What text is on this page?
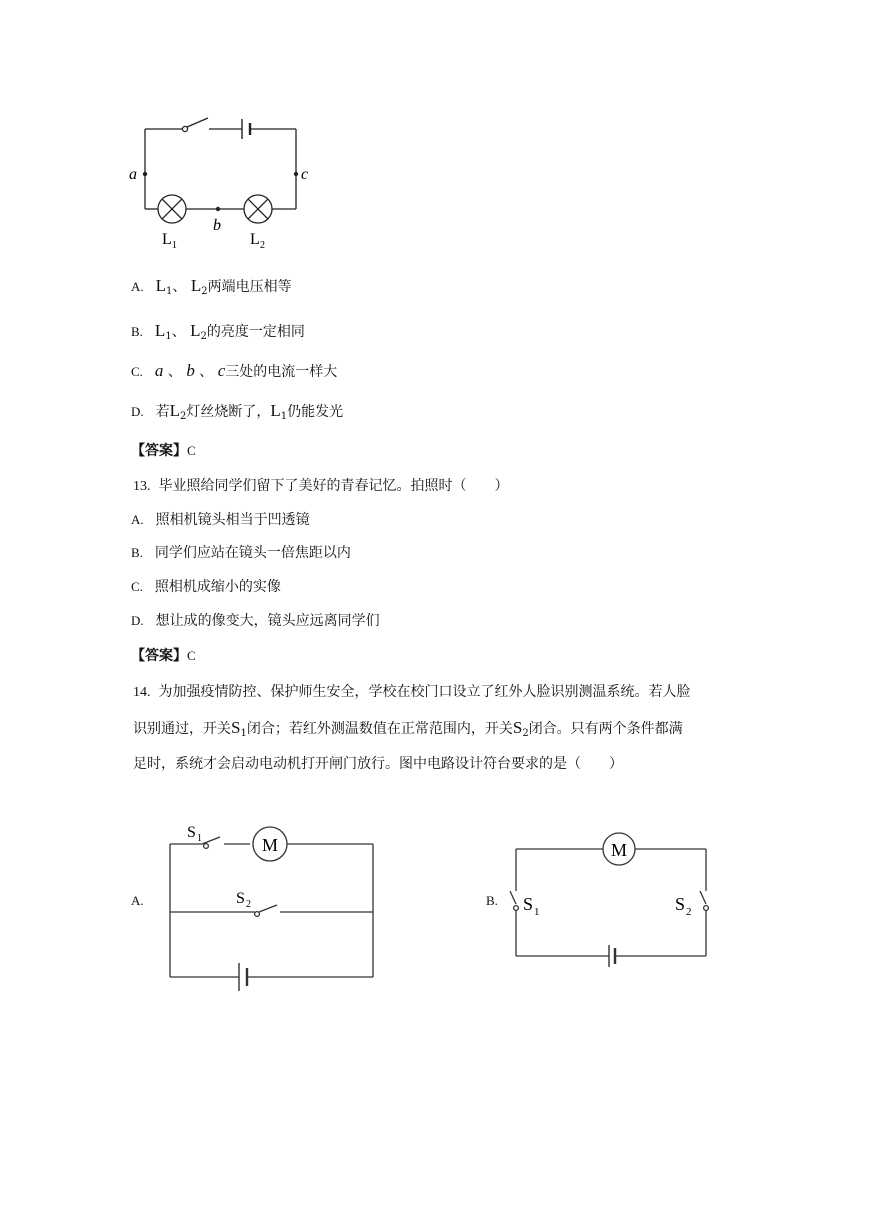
a	c
b
L 1	L 2
A. $L_1$、 $L_2$两端电压相等
B. $L_1$、 $L_2$的亮度一定相同
C. a 、 b 、 c三处的电流一样大
D. 若$L_2$灯丝烧断了，$L_1$仍能发光
【答案】C
13. 毕业照给同学们留下了美好的青春记忆。拍照时（　　）
A. 照相机镜头相当于凹透镜
B. 同学们应站在镜头一倍焦距以内
C. 照相机成缩小的实像
D. 想让成的像变大，镜头应远离同学们
【答案】C
14. 为加强疫情防控、保护师生安全，学校在校门口设立了红外人脸识别测温系统。若人脸
识别通过，开关$S_1$闭合；若红外测温数值在正常范围内，开关$S_2$闭合。只有两个条件都满
足时，系统才会启动电动机打开闸门放行。图中电路设计符台要求的是（　　）
A.
M
S 1
S 2	B.
M
S 1	S 2
